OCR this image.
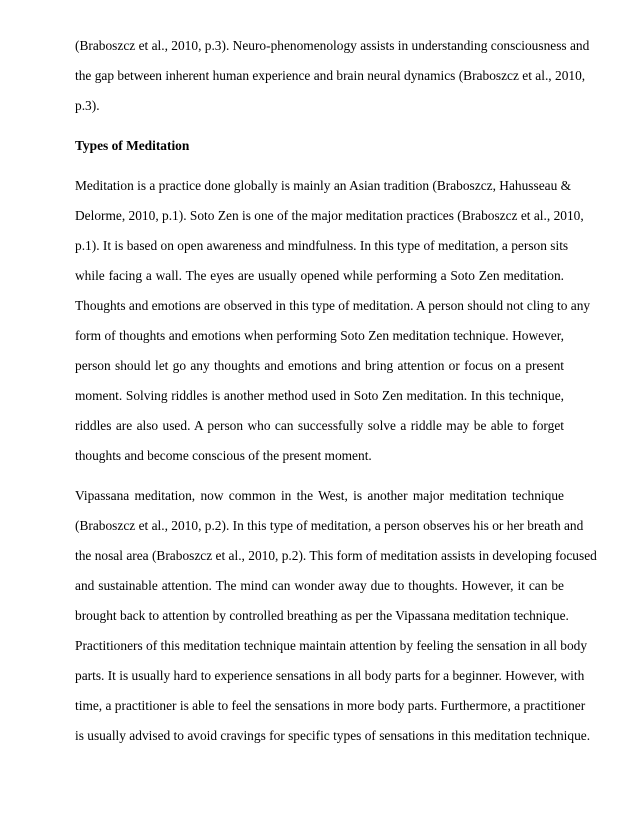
(Braboszcz et al., 2010, p.3). Neuro-phenomenology assists in understanding consciousness and
the gap between inherent human experience and brain neural dynamics (Braboszcz et al., 2010,
p.3).
Types of Meditation
Meditation is a practice done globally is mainly an Asian tradition (Braboszcz, Hahusseau &
Delorme, 2010, p.1). Soto Zen is one of the major meditation practices (Braboszcz et al., 2010,
p.1). It is based on open awareness and mindfulness. In this type of meditation, a person sits
while facing a wall. The eyes are usually opened while performing a Soto Zen meditation.
Thoughts and emotions are observed in this type of meditation. A person should not cling to any
form of thoughts and emotions when performing Soto Zen meditation technique. However,
person should let go any thoughts and emotions and bring attention or focus on a present
moment. Solving riddles is another method used in Soto Zen meditation. In this technique,
riddles are also used. A person who can successfully solve a riddle may be able to forget
thoughts and become conscious of the present moment.
Vipassana meditation, now common in the West, is another major meditation technique
(Braboszcz et al., 2010, p.2). In this type of meditation, a person observes his or her breath and
the nosal area (Braboszcz et al., 2010, p.2). This form of meditation assists in developing focused
and sustainable attention. The mind can wonder away due to thoughts. However, it can be
brought back to attention by controlled breathing as per the Vipassana meditation technique.
Practitioners of this meditation technique maintain attention by feeling the sensation in all body
parts. It is usually hard to experience sensations in all body parts for a beginner. However, with
time, a practitioner is able to feel the sensations in more body parts. Furthermore, a practitioner
is usually advised to avoid cravings for specific types of sensations in this meditation technique.
